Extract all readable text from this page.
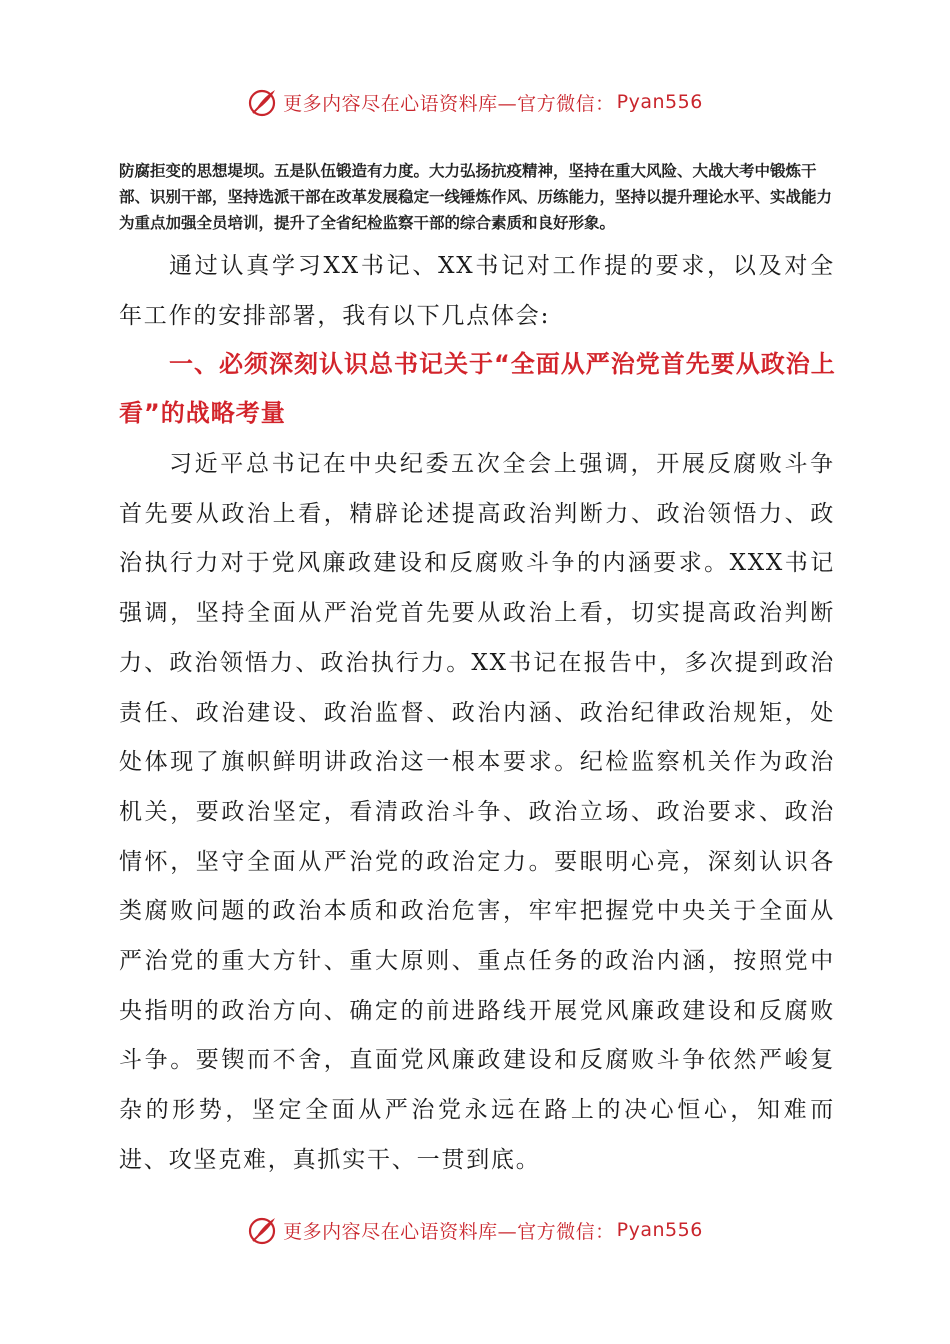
更多内容尽在心语资料库—官方微信： Pyan556

防腐拒变的思想堤坝。五是队伍锻造有力度。大力弘扬抗疫精神，坚持在重大风险、大战大考中锻炼干部、识别干部，坚持选派干部在改革发展稳定一线锤炼作风、历练能力，坚持以提升理论水平、实战能力为重点加强全员培训，提升了全省纪检监察干部的综合素质和良好形象。

通过认真学习XX书记、XX书记对工作提的要求，以及对全年工作的安排部署，我有以下几点体会:

一、必须深刻认识总书记关于“全面从严治党首先要从政治上看”的战略考量

习近平总书记在中央纪委五次全会上强调，开展反腐败斗争首先要从政治上看，精辟论述提高政治判断力、政治领悟力、政治执行力对于党风廉政建设和反腐败斗争的内涵要求。XXX书记强调，坚持全面从严治党首先要从政治上看，切实提高政治判断力、政治领悟力、政治执行力。XX书记在报告中，多次提到政治责任、政治建设、政治监督、政治内涵、政治纪律政治规矩，处处体现了旗帜鲜明讲政治这一根本要求。纪检监察机关作为政治机关，要政治坚定，看清政治斗争、政治立场、政治要求、政治情怀，坚守全面从严治党的政治定力。要眼明心亮，深刻认识各类腐败问题的政治本质和政治危害，牢牢把握党中央关于全面从严治党的重大方针、重大原则、重点任务的政治内涵，按照党中央指明的政治方向、确定的前进路线开展党风廉政建设和反腐败斗争。要锲而不舍，直面党风廉政建设和反腐败斗争依然严峻复杂的形势，坚定全面从严治党永远在路上的决心恒心，知难而进、攻坚克难，真抓实干、一贯到底。

更多内容尽在心语资料库—官方微信： Pyan556
